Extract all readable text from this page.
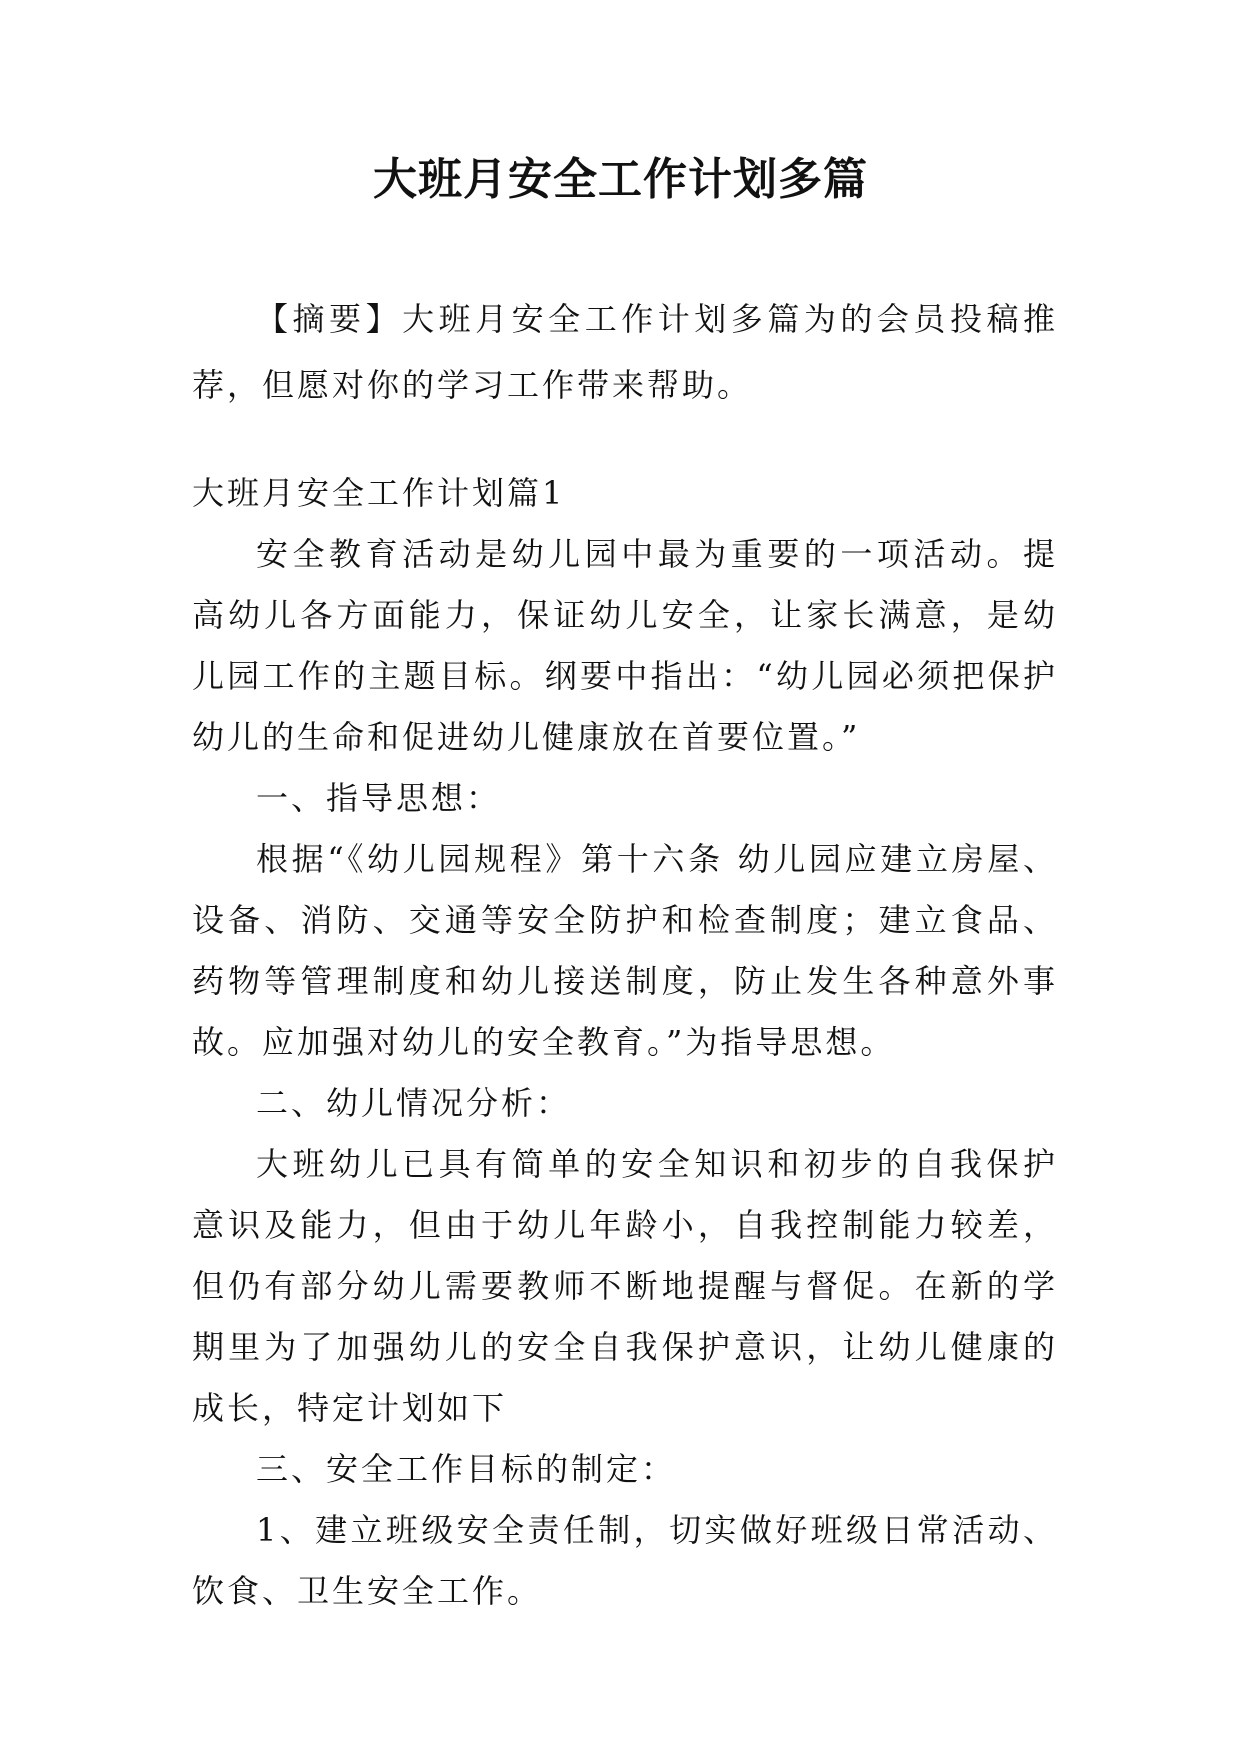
大班月安全工作计划多篇

【摘要】大班月安全工作计划多篇为的会员投稿推荐，但愿对你的学习工作带来帮助。

大班月安全工作计划篇1

安全教育活动是幼儿园中最为重要的一项活动。提高幼儿各方面能力，保证幼儿安全，让家长满意，是幼儿园工作的主题目标。纲要中指出：“幼儿园必须把保护幼儿的生命和促进幼儿健康放在首要位置。”

一、指导思想：

根据“《幼儿园规程》第十六条 幼儿园应建立房屋、设备、消防、交通等安全防护和检查制度；建立食品、药物等管理制度和幼儿接送制度，防止发生各种意外事故。应加强对幼儿的安全教育。”为指导思想。

二、幼儿情况分析：

大班幼儿已具有简单的安全知识和初步的自我保护意识及能力，但由于幼儿年龄小，自我控制能力较差，但仍有部分幼儿需要教师不断地提醒与督促。在新的学期里为了加强幼儿的安全自我保护意识，让幼儿健康的成长，特定计划如下

三、安全工作目标的制定：

1、建立班级安全责任制，切实做好班级日常活动、饮食、卫生安全工作。
